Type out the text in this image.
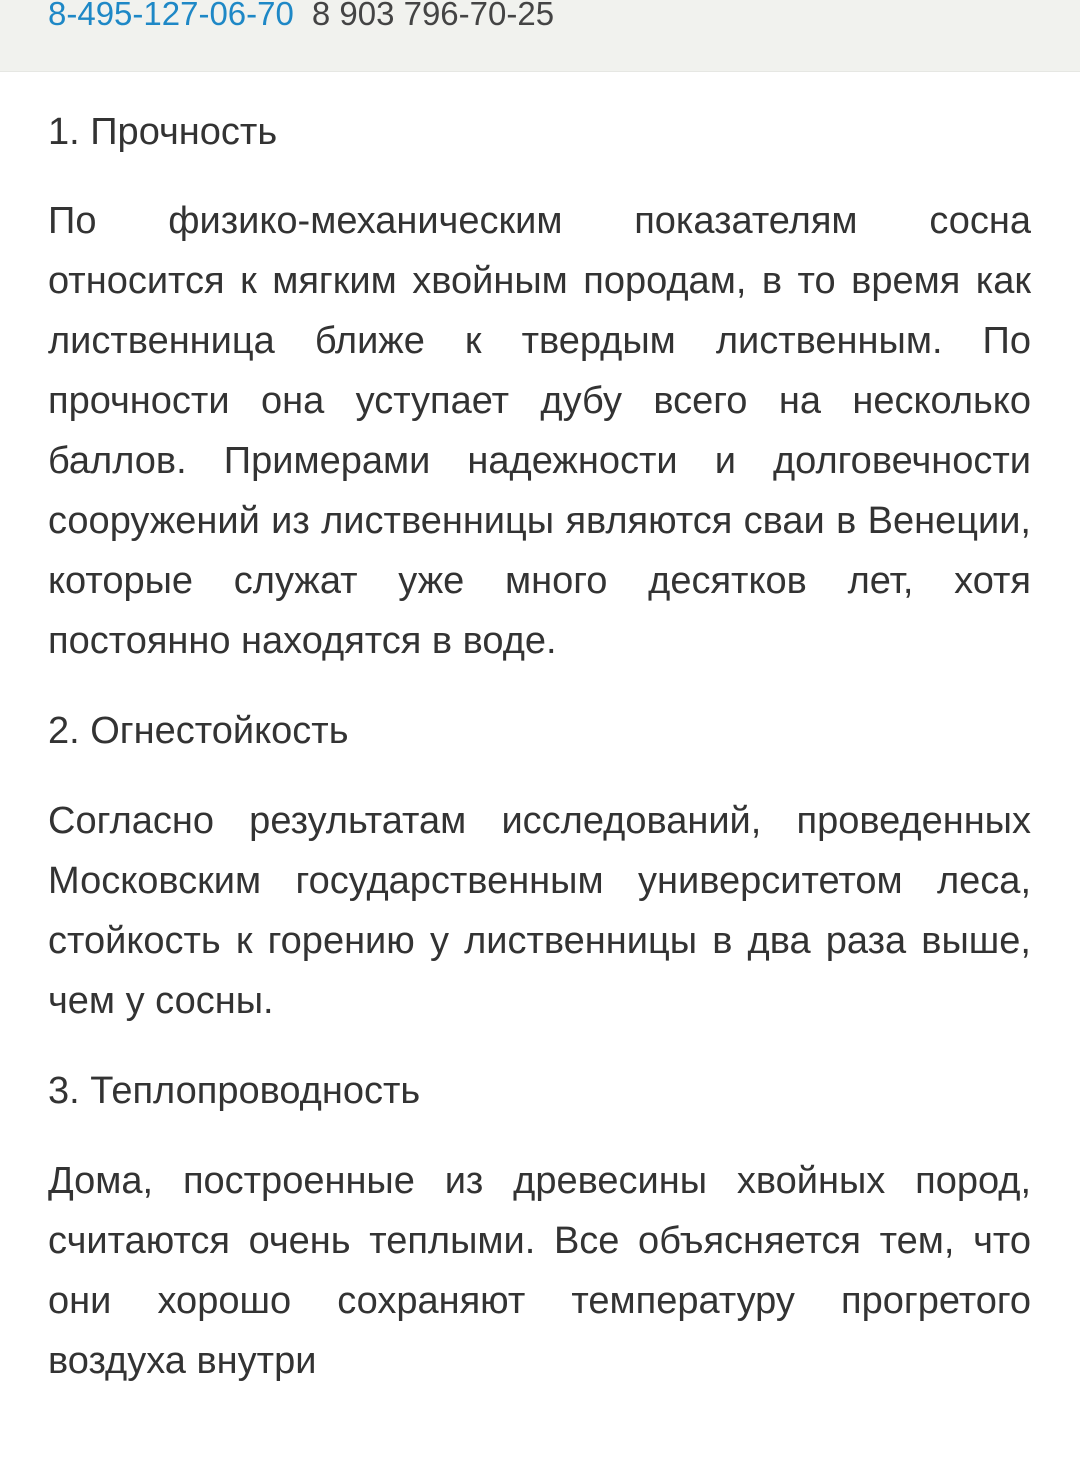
8-495-127-06-70 8 903 796-70-25
1. Прочность

По физико-механическим показателям сосна относится к мягким хвойным породам, в то время как лиственница ближе к твердым лиственным. По прочности она уступает дубу всего на несколько баллов. Примерами надежности и долговечности сооружений из лиственницы являются сваи в Венеции, которые служат уже много десятков лет, хотя постоянно находятся в воде.

2. Огнестойкость

Согласно результатам исследований, проведенных Московским государственным университетом леса, стойкость к горению у лиственницы в два раза выше, чем у сосны.

3. Теплопроводность

Дома, построенные из древесины хвойных пород, считаются очень теплыми. Все объясняется тем, что они хорошо сохраняют температуру прогретого воздуха внутри
